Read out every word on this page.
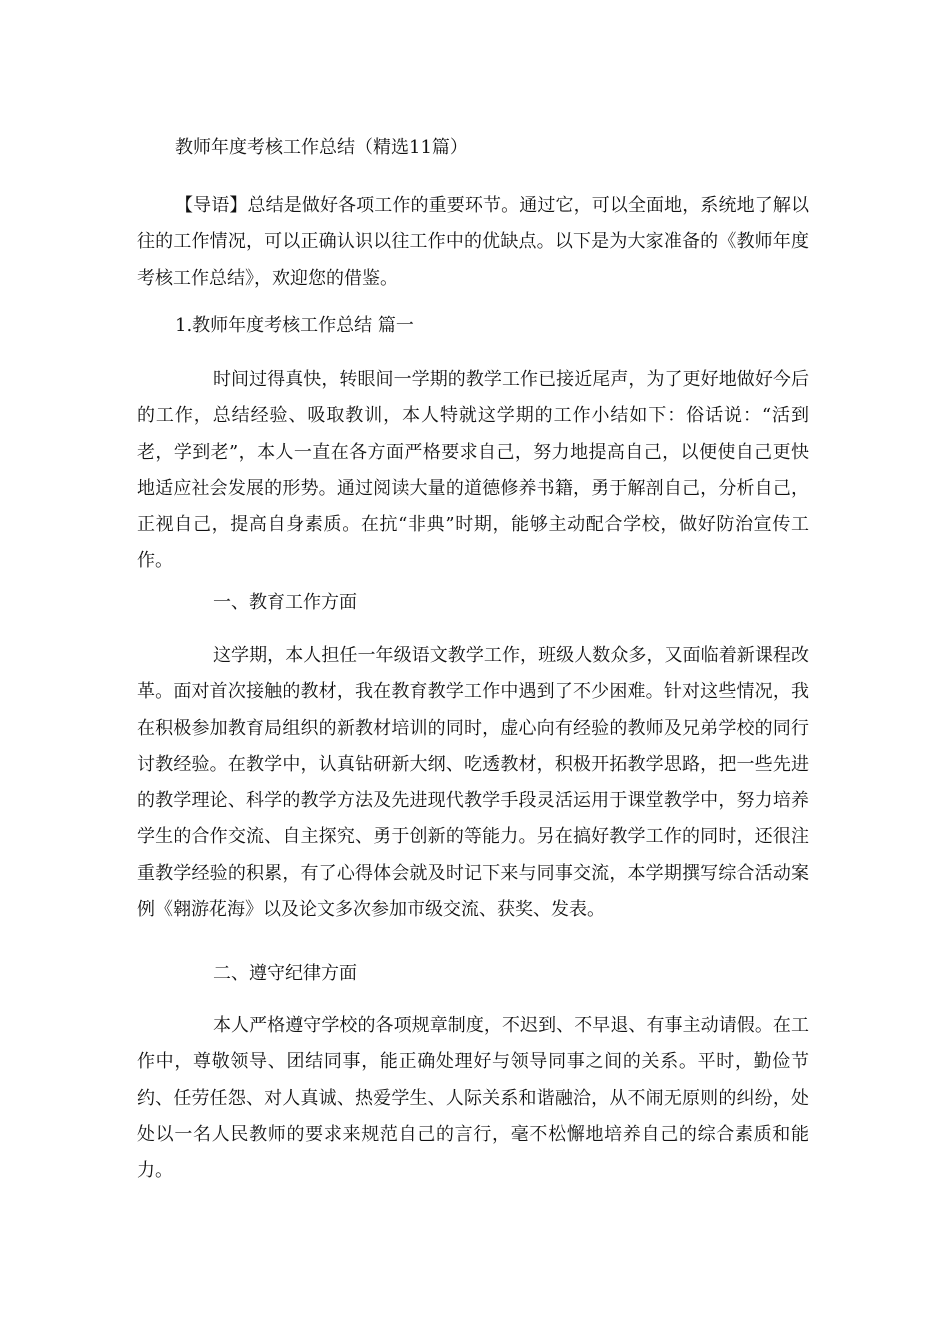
教师年度考核工作总结（精选11篇）

【导语】总结是做好各项工作的重要环节。通过它，可以全面地，系统地了解以往的工作情况，可以正确认识以往工作中的优缺点。以下是为大家准备的《教师年度考核工作总结》，欢迎您的借鉴。

1.教师年度考核工作总结 篇一

时间过得真快，转眼间一学期的教学工作已接近尾声，为了更好地做好今后的工作，总结经验、吸取教训，本人特就这学期的工作小结如下：俗话说：“活到老，学到老”，本人一直在各方面严格要求自己，努力地提高自己，以便使自己更快地适应社会发展的形势。通过阅读大量的道德修养书籍，勇于解剖自己，分析自己，正视自己，提高自身素质。在抗“非典”时期，能够主动配合学校，做好防治宣传工作。

一、教育工作方面

这学期，本人担任一年级语文教学工作，班级人数众多，又面临着新课程改革。面对首次接触的教材，我在教育教学工作中遇到了不少困难。针对这些情况，我在积极参加教育局组织的新教材培训的同时，虚心向有经验的教师及兄弟学校的同行讨教经验。在教学中，认真钻研新大纲、吃透教材，积极开拓教学思路，把一些先进的教学理论、科学的教学方法及先进现代教学手段灵活运用于课堂教学中，努力培养学生的合作交流、自主探究、勇于创新的等能力。另在搞好教学工作的同时，还很注重教学经验的积累，有了心得体会就及时记下来与同事交流，本学期撰写综合活动案例《翱游花海》以及论文多次参加市级交流、获奖、发表。

二、遵守纪律方面

本人严格遵守学校的各项规章制度，不迟到、不早退、有事主动请假。在工作中，尊敬领导、团结同事，能正确处理好与领导同事之间的关系。平时，勤俭节约、任劳任怨、对人真诚、热爱学生、人际关系和谐融洽，从不闹无原则的纠纷，处处以一名人民教师的要求来规范自己的言行，毫不松懈地培养自己的综合素质和能力。
